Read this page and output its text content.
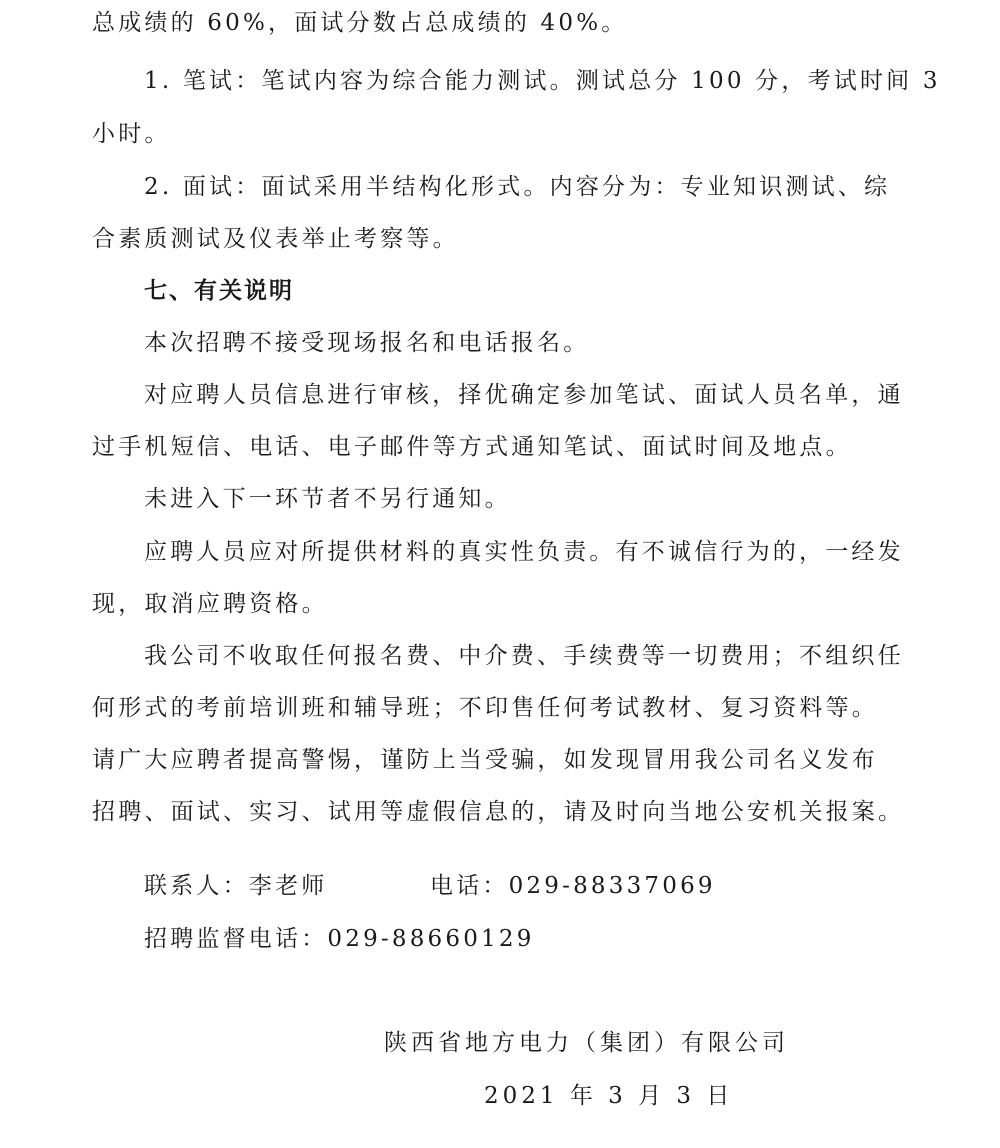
总成绩的 60%，面试分数占总成绩的 40%。
1. 笔试：笔试内容为综合能力测试。测试总分 100 分，考试时间 3
小时。
2. 面试：面试采用半结构化形式。内容分为：专业知识测试、综
合素质测试及仪表举止考察等。
七、有关说明
本次招聘不接受现场报名和电话报名。
对应聘人员信息进行审核，择优确定参加笔试、面试人员名单，通
过手机短信、电话、电子邮件等方式通知笔试、面试时间及地点。
未进入下一环节者不另行通知。
应聘人员应对所提供材料的真实性负责。有不诚信行为的，一经发
现，取消应聘资格。
我公司不收取任何报名费、中介费、手续费等一切费用；不组织任
何形式的考前培训班和辅导班；不印售任何考试教材、复习资料等。
请广大应聘者提高警惕，谨防上当受骗，如发现冒用我公司名义发布
招聘、面试、实习、试用等虚假信息的，请及时向当地公安机关报案。
联系人：李老师	电话：029-88337069
招聘监督电话：029-88660129
陕西省地方电力（集团）有限公司
2021 年 3 月 3 日
